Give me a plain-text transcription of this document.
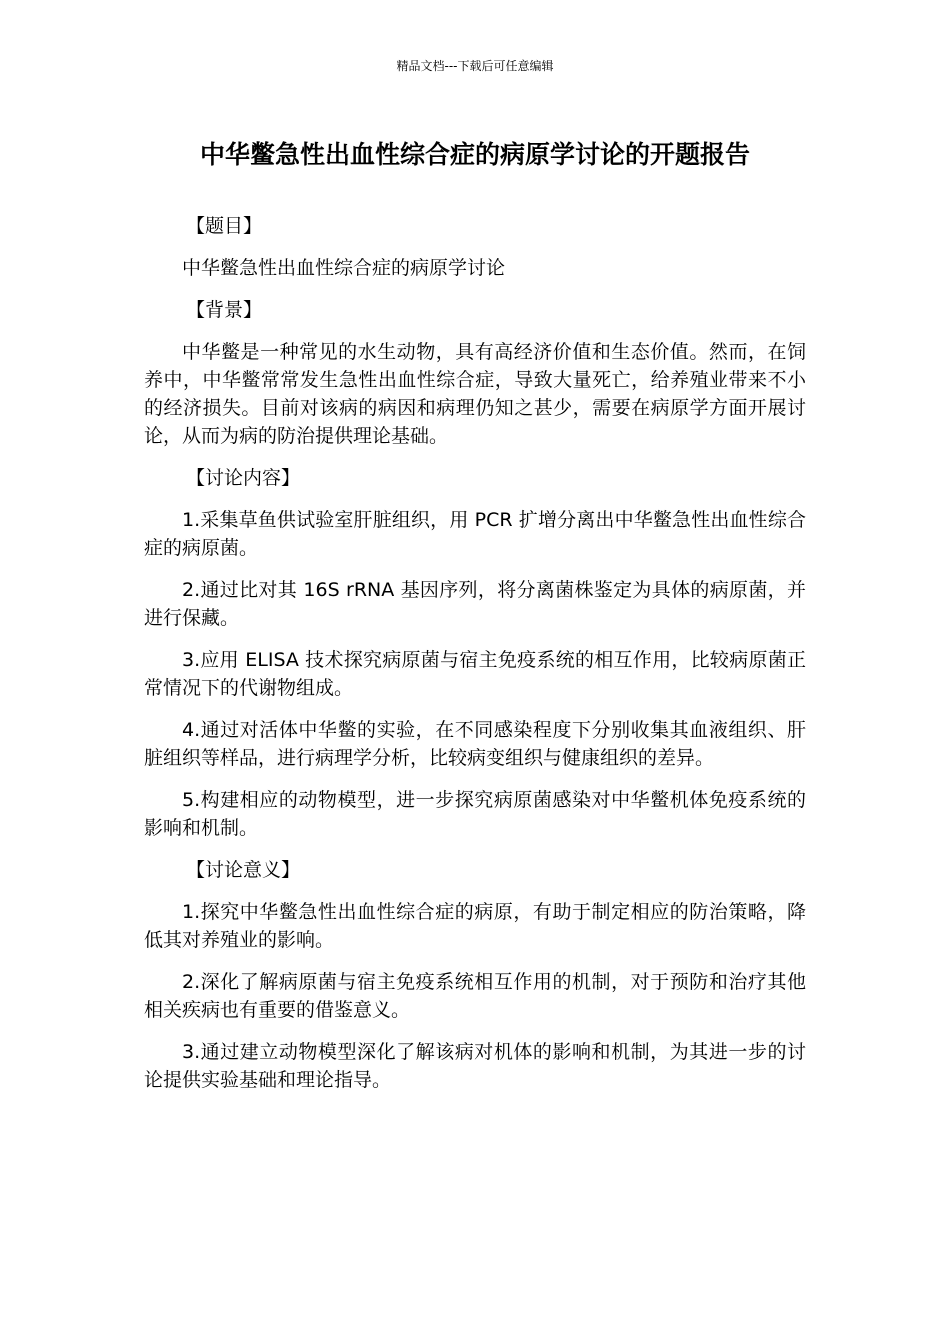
精品文档---下载后可任意编辑
中华鳖急性出血性综合症的病原学讨论的开题报告
【题目】

中华鳖急性出血性综合症的病原学讨论

【背景】

中华鳖是一种常见的水生动物，具有高经济价值和生态价值。然而，在饲养中，中华鳖常常发生急性出血性综合症，导致大量死亡，给养殖业带来不小的经济损失。目前对该病的病因和病理仍知之甚少，需要在病原学方面开展讨论，从而为病的防治提供理论基础。

【讨论内容】

1.采集草鱼供试验室肝脏组织，用 PCR 扩增分离出中华鳖急性出血性综合症的病原菌。

2.通过比对其 16S rRNA 基因序列，将分离菌株鉴定为具体的病原菌，并进行保藏。

3.应用 ELISA 技术探究病原菌与宿主免疫系统的相互作用，比较病原菌正常情况下的代谢物组成。

4.通过对活体中华鳖的实验，在不同感染程度下分别收集其血液组织、肝脏组织等样品，进行病理学分析，比较病变组织与健康组织的差异。

5.构建相应的动物模型，进一步探究病原菌感染对中华鳖机体免疫系统的影响和机制。

【讨论意义】

1.探究中华鳖急性出血性综合症的病原，有助于制定相应的防治策略，降低其对养殖业的影响。

2.深化了解病原菌与宿主免疫系统相互作用的机制，对于预防和治疗其他相关疾病也有重要的借鉴意义。

3.通过建立动物模型深化了解该病对机体的影响和机制，为其进一步的讨论提供实验基础和理论指导。
